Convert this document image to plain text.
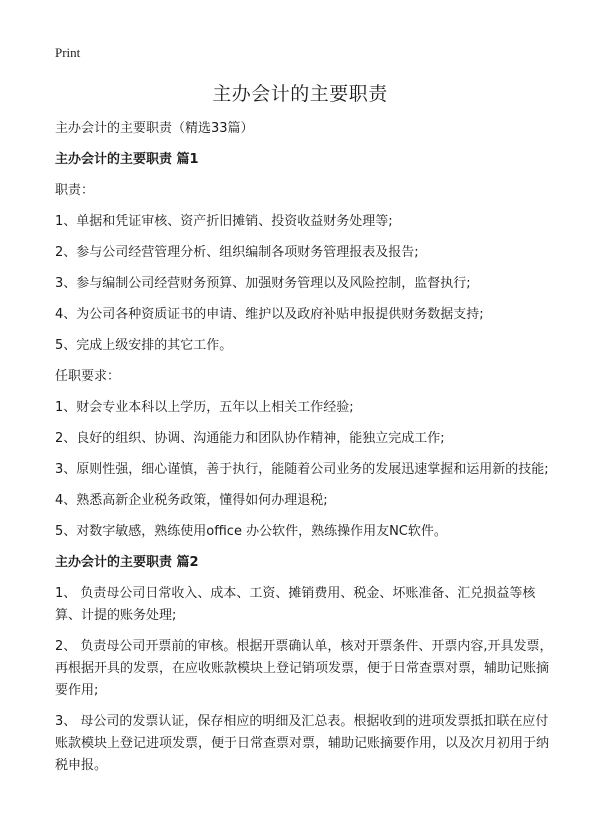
Print
主办会计的主要职责

主办会计的主要职责（精选33篇）

主办会计的主要职责 篇1

职责：

1、单据和凭证审核、资产折旧摊销、投资收益财务处理等;

2、参与公司经营管理分析、组织编制各项财务管理报表及报告;

3、参与编制公司经营财务预算、加强财务管理以及风险控制，监督执行;

4、为公司各种资质证书的申请、维护以及政府补贴申报提供财务数据支持;

5、完成上级安排的其它工作。

任职要求：

1、财会专业本科以上学历，五年以上相关工作经验;

2、良好的组织、协调、沟通能力和团队协作精神，能独立完成工作;

3、原则性强，细心谨慎，善于执行，能随着公司业务的发展迅速掌握和运用新的技能;

4、熟悉高新企业税务政策，懂得如何办理退税;

5、对数字敏感，熟练使用office 办公软件，熟练操作用友NC软件。

主办会计的主要职责 篇2

1、 负责母公司日常收入、成本、工资、摊销费用、税金、坏账准备、汇兑损益等核算、计提的账务处理;

2、 负责母公司开票前的审核。根据开票确认单，核对开票条件、开票内容,开具发票，再根据开具的发票，在应收账款模块上登记销项发票，便于日常查票对票，辅助记账摘要作用;

3、 母公司的发票认证，保存相应的明细及汇总表。根据收到的进项发票抵扣联在应付账款模块上登记进项发票，便于日常查票对票，辅助记账摘要作用，以及次月初用于纳税申报。
